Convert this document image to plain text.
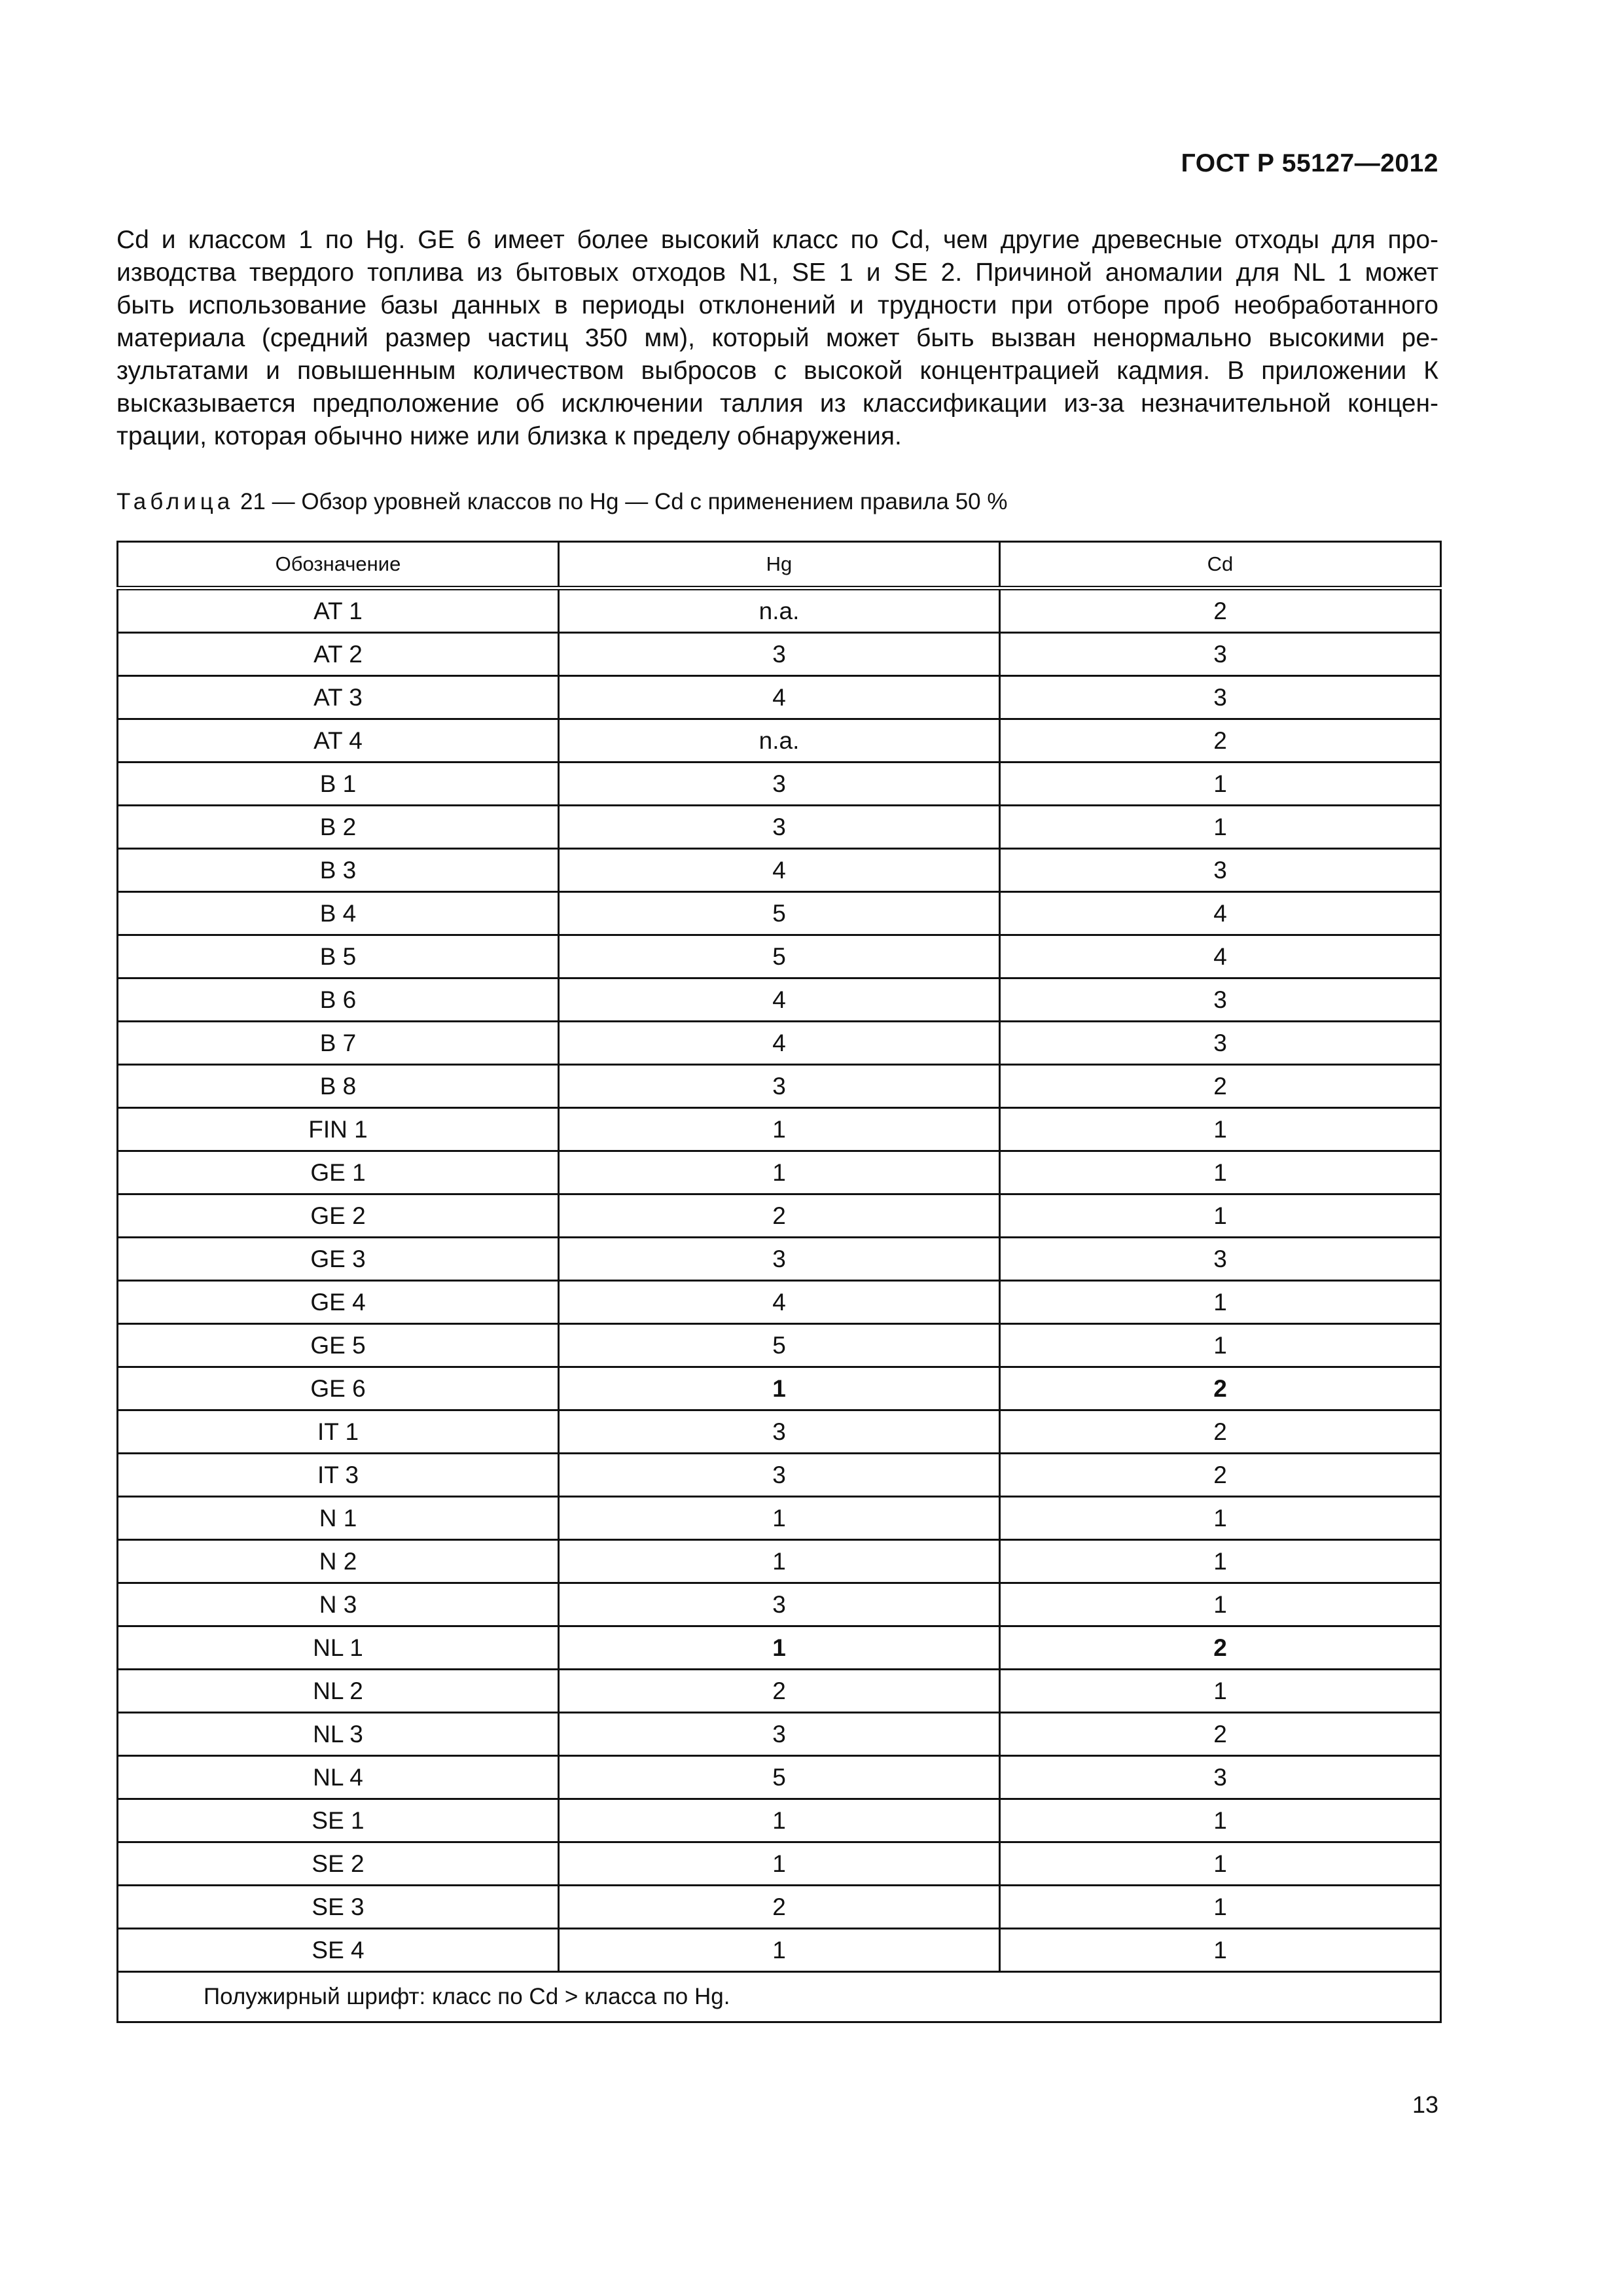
ГОСТ Р 55127—2012
Cd и классом 1 по Hg. GE 6 имеет более высокий класс по Cd, чем другие древесные отходы для про-
изводства твердого топлива из бытовых отходов N1, SE 1 и SE 2. Причиной аномалии для NL 1 может
быть использование базы данных в периоды отклонений и трудности при отборе проб необработанного
материала (средний размер частиц 350 мм), который может быть вызван ненормально высокими ре-
зультатами и повышенным количеством выбросов с высокой концентрацией кадмия. В приложении К
высказывается предположение об исключении таллия из классификации из-за незначительной концен-
трации, которая обычно ниже или близка к пределу обнаружения.
Таблица 21 — Обзор уровней классов по Hg — Cd с применением правила 50 %
Обозначение	Hg	Cd
AT 1	n.a.	2
AT 2	3	3
AT 3	4	3
AT 4	n.a.	2
B 1	3	1
B 2	3	1
B 3	4	3
B 4	5	4
B 5	5	4
B 6	4	3
B 7	4	3
B 8	3	2
FIN 1	1	1
GE 1	1	1
GE 2	2	1
GE 3	3	3
GE 4	4	1
GE 5	5	1
GE 6	1	2
IT 1	3	2
IT 3	3	2
N 1	1	1
N 2	1	1
N 3	3	1
NL 1	1	2
NL 2	2	1
NL 3	3	2
NL 4	5	3
SE 1	1	1
SE 2	1	1
SE 3	2	1
SE 4	1	1
Полужирный шрифт: класс по Cd > класса по Hg.		
13
